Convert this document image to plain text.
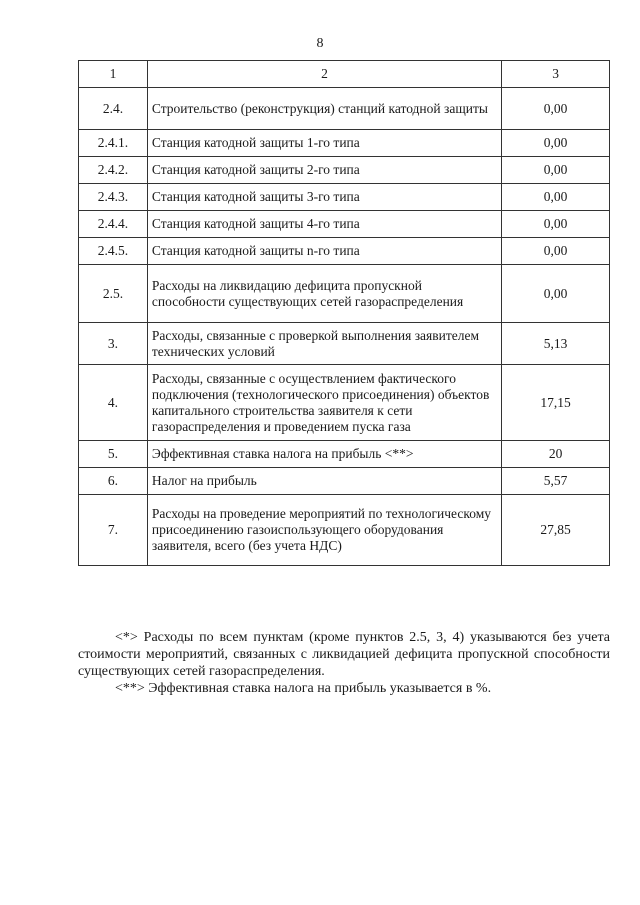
8
1	2	3
2.4.	Строительство (реконструкция) станций катодной защиты	0,00
2.4.1.	Станция катодной защиты 1-го типа	0,00
2.4.2.	Станция катодной защиты 2-го типа	0,00
2.4.3.	Станция катодной защиты 3-го типа	0,00
2.4.4.	Станция катодной защиты 4-го типа	0,00
2.4.5.	Станция катодной защиты n-го типа	0,00
2.5.	Расходы на ликвидацию дефицита пропускной способности существующих сетей газораспределения	0,00
3.	Расходы, связанные с проверкой выполнения заявителем технических условий	5,13
4.	Расходы, связанные с осуществлением фактического подключения (технологического присоединения) объектов капитального строительства заявителя к сети газораспределения и проведением пуска газа	17,15
5.	Эффективная ставка налога на прибыль <**>	20
6.	Налог на прибыль	5,57
7.	Расходы на проведение мероприятий по технологическому присоединению газоиспользующего оборудования заявителя, всего (без учета НДС)	27,85

<*> Расходы по всем пунктам (кроме пунктов 2.5, 3, 4) указываются без учета стоимости мероприятий, связанных с ликвидацией дефицита пропускной способности существующих сетей газораспределения.

<**> Эффективная ставка налога на прибыль указывается в %.
